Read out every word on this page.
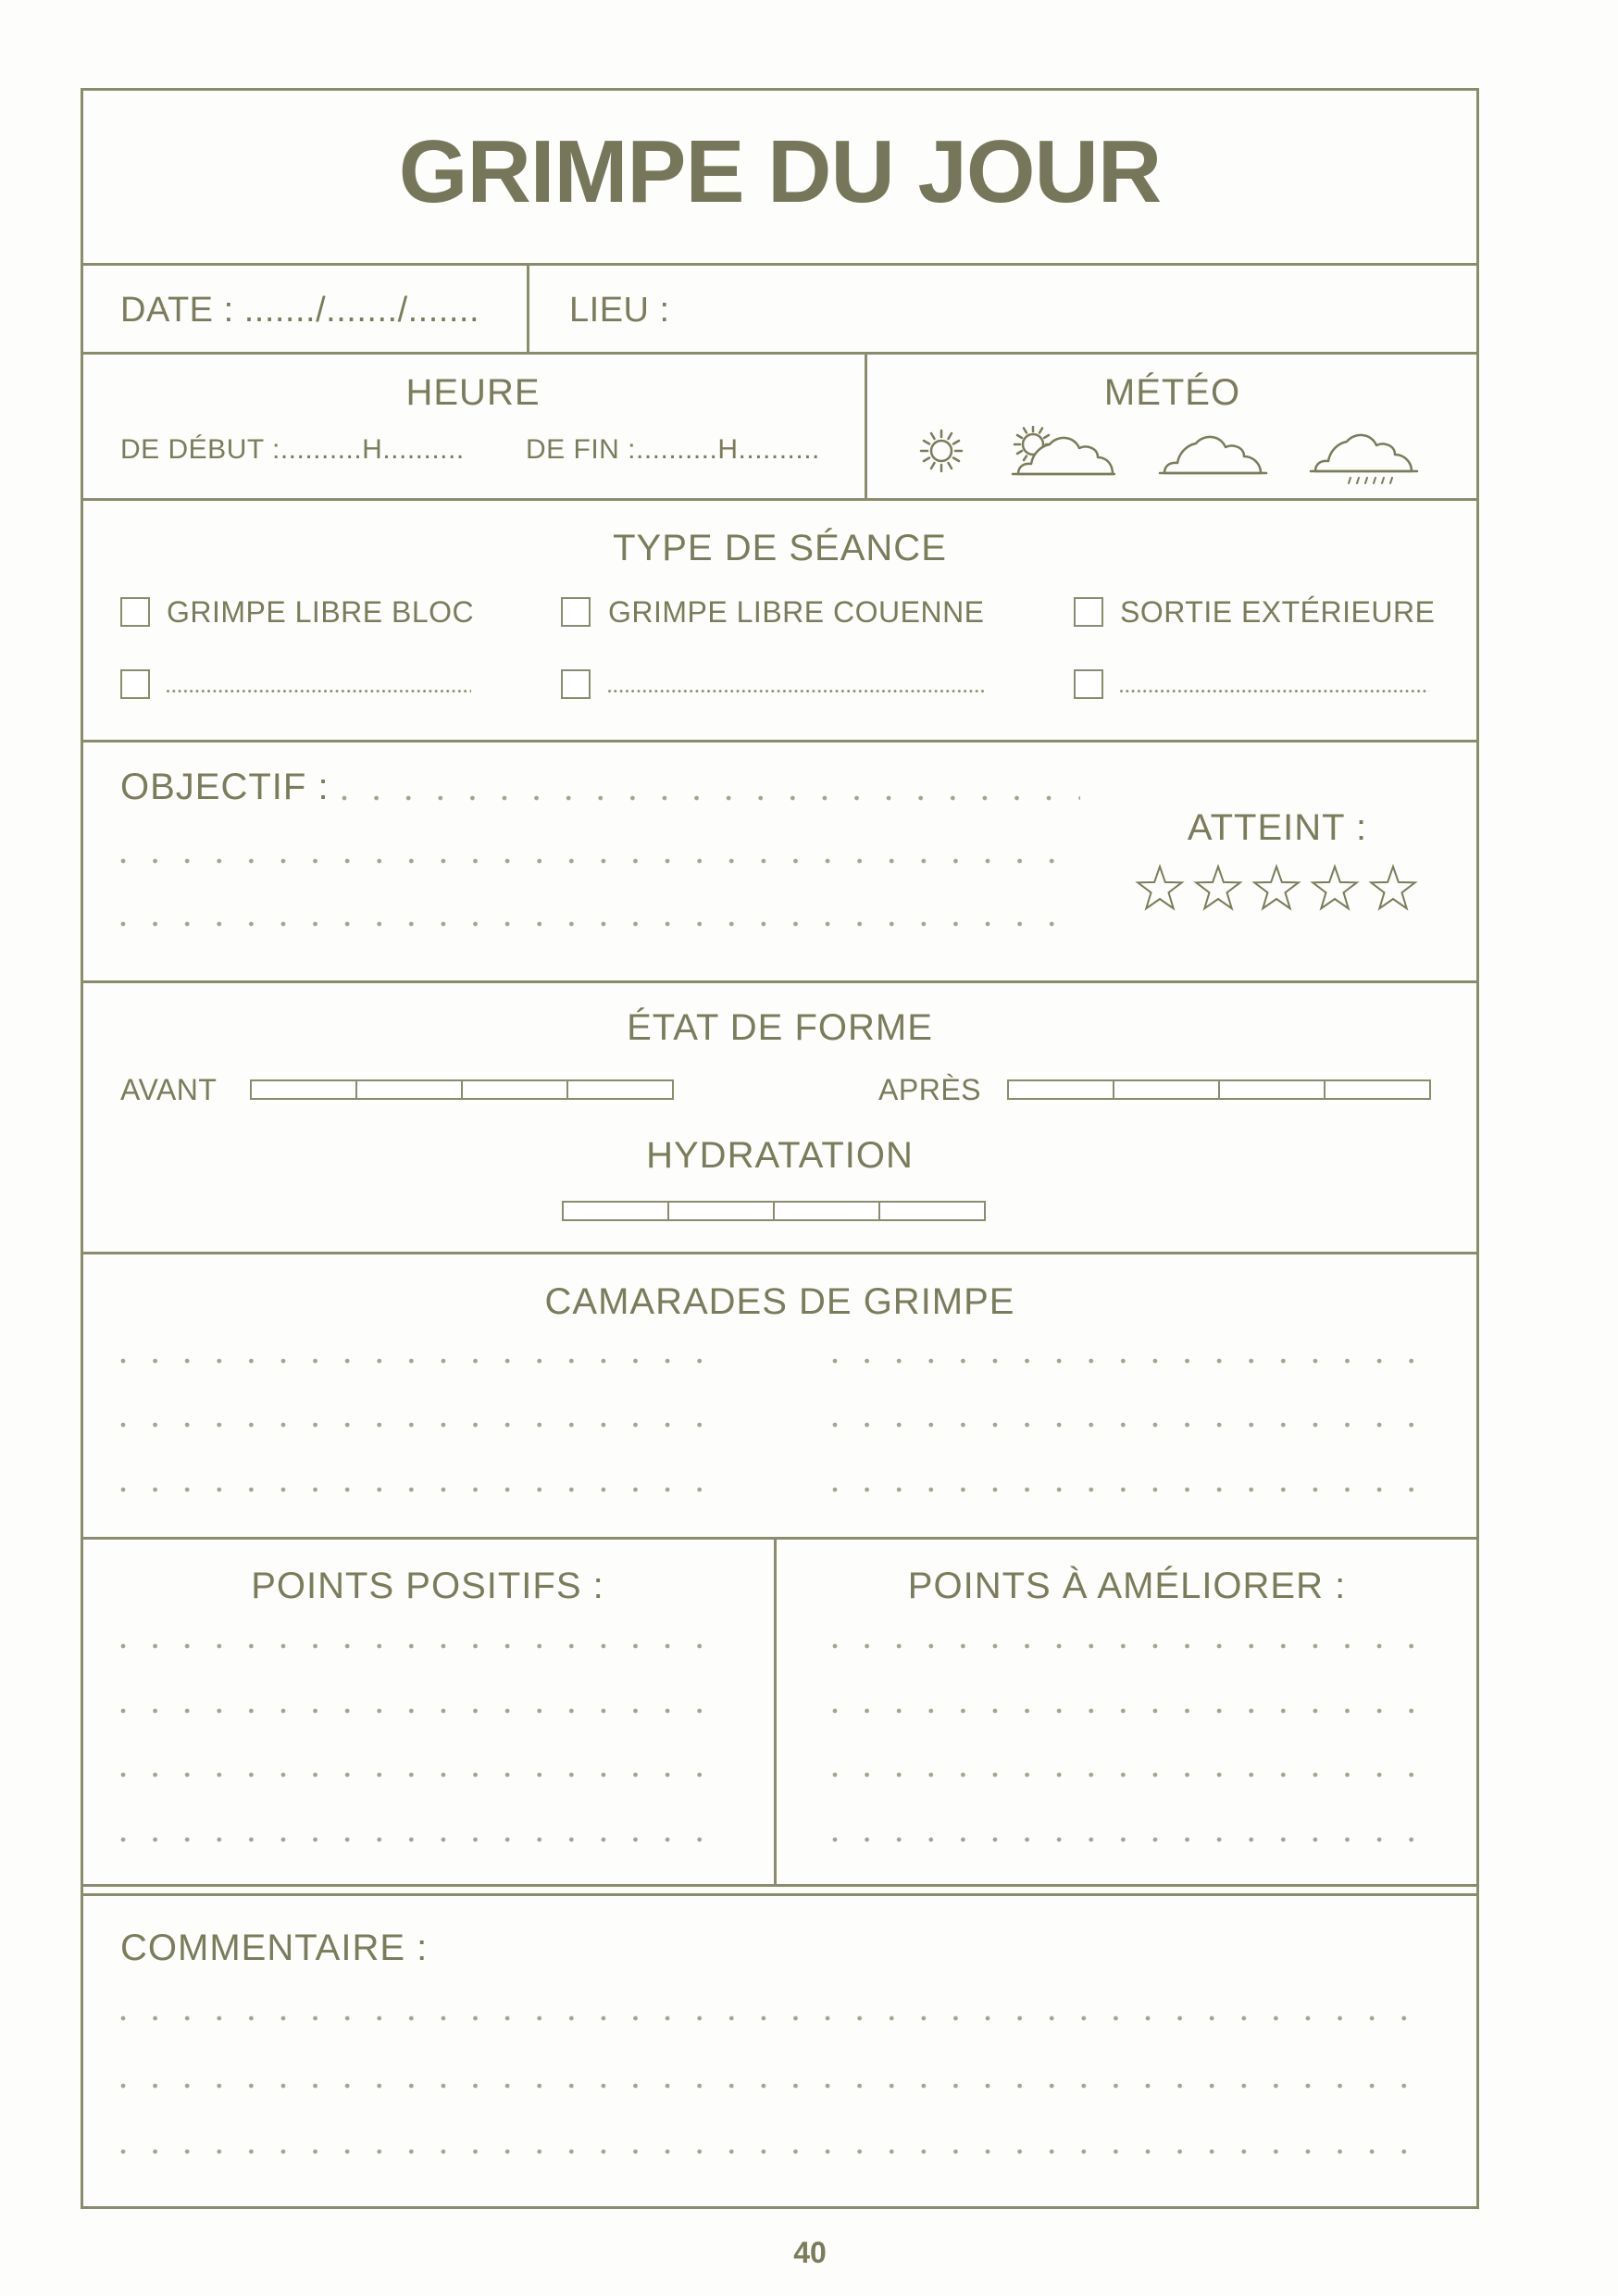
GRIMPE DU JOUR
DATE : ......./......./.......	LIEU :
HEURE
DE DÉBUT :..........H.......... DE FIN :..........H..........
MÉTÉO
TYPE DE SÉANCE
GRIMPE LIBRE BLOC	GRIMPE LIBRE COUENNE	SORTIE EXTÉRIEURE
OBJECTIF :
ATTEINT :
ÉTAT DE FORME
AVANT	APRÈS
HYDRATATION
CAMARADES DE GRIMPE
POINTS POSITIFS :	POINTS À AMÉLIORER :
COMMENTAIRE :
40
